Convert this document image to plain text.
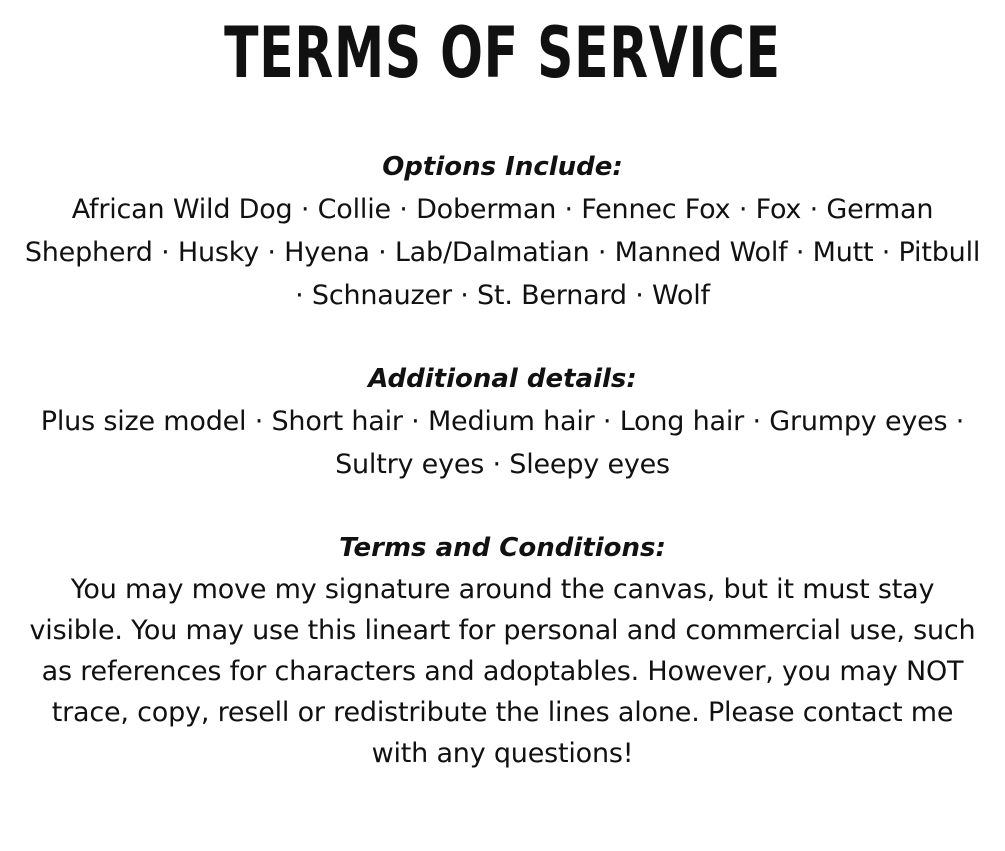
TERMS OF SERVICE
Options Include:

African Wild Dog · Collie · Doberman · Fennec Fox · Fox · German Shepherd · Husky · Hyena · Lab/Dalmatian · Manned Wolf · Mutt · Pitbull · Schnauzer · St. Bernard · Wolf

Additional details:

Plus size model · Short hair · Medium hair · Long hair · Grumpy eyes · Sultry eyes · Sleepy eyes

Terms and Conditions:

You may move my signature around the canvas, but it must stay visible. You may use this lineart for personal and commercial use, such as references for characters and adoptables. However, you may NOT trace, copy, resell or redistribute the lines alone. Please contact me with any questions!
